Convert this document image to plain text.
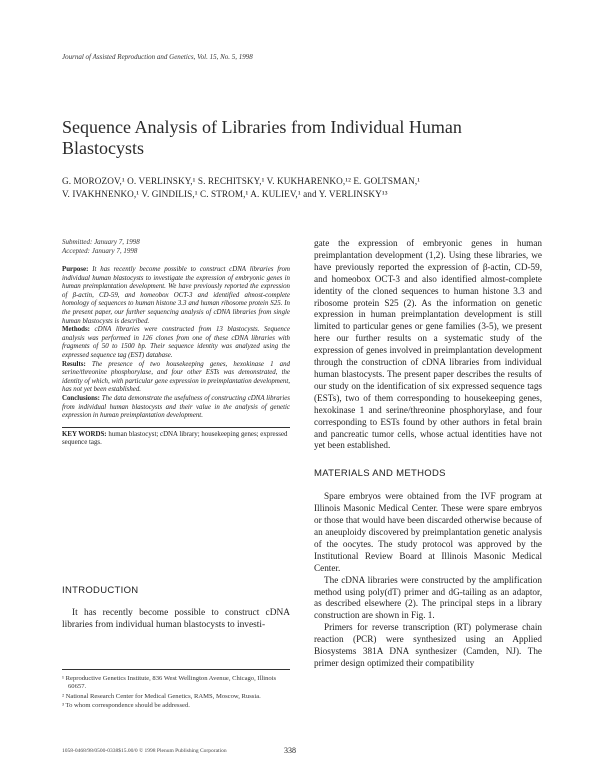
Journal of Assisted Reproduction and Genetics, Vol. 15, No. 5, 1998
Sequence Analysis of Libraries from Individual Human Blastocysts
G. MOROZOV,¹ O. VERLINSKY,¹ S. RECHITSKY,¹ V. KUKHARENKO,¹² E. GOLTSMAN,¹
V. IVAKHNENKO,¹ V. GINDILIS,¹ C. STROM,¹ A. KULIEV,¹ and Y. VERLINSKY¹³
Submitted: January 7, 1998
Accepted: January 7, 1998

Purpose: It has recently become possible to construct cDNA libraries from individual human blastocysts to investigate the expression of embryonic genes in human preimplantation development. We have previously reported the expression of β-actin, CD-59, and homeobox OCT-3 and identified almost-complete homology of sequences to human histone 3.3 and human ribosome protein S25. In the present paper, our further sequencing analysis of cDNA libraries from single human blastocysts is described.

Methods: cDNA libraries were constructed from 13 blastocysts. Sequence analysis was performed in 126 clones from one of these cDNA libraries with fragments of 50 to 1500 bp. Their sequence identity was analyzed using the expressed sequence tag (EST) database.

Results: The presence of two housekeeping genes, hexokinase 1 and serine/threonine phosphorylase, and four other ESTs was demonstrated, the identity of which, with particular gene expression in preimplantation development, has not yet been established.

Conclusions: The data demonstrate the usefulness of constructing cDNA libraries from individual human blastocysts and their value in the analysis of genetic expression in human preimplantation development.

KEY WORDS: human blastocyst; cDNA library; housekeeping genes; expressed sequence tags.
INTRODUCTION

It has recently become possible to construct cDNA libraries from individual human blastocysts to investi-

¹ Reproductive Genetics Institute, 836 West Wellington Avenue, Chicago, Illinois 60657.

² National Research Center for Medical Genetics, RAMS, Moscow, Russia.

³ To whom correspondence should be addressed.

gate the expression of embryonic genes in human preimplantation development (1,2). Using these libraries, we have previously reported the expression of β-actin, CD-59, and homeobox OCT-3 and also identified almost-complete identity of the cloned sequences to human histone 3.3 and ribosome protein S25 (2). As the information on genetic expression in human preimplantation development is still limited to particular genes or gene families (3-5), we present here our further results on a systematic study of the expression of genes involved in preimplantation development through the construction of cDNA libraries from individual human blastocysts. The present paper describes the results of our study on the identification of six expressed sequence tags (ESTs), two of them corresponding to housekeeping genes, hexokinase 1 and serine/threonine phosphorylase, and four corresponding to ESTs found by other authors in fetal brain and pancreatic tumor cells, whose actual identities have not yet been established.

MATERIALS AND METHODS

Spare embryos were obtained from the IVF program at Illinois Masonic Medical Center. These were spare embryos or those that would have been discarded otherwise because of an aneuploidy discovered by preimplantation genetic analysis of the oocytes. The study protocol was approved by the Institutional Review Board at Illinois Masonic Medical Center.

The cDNA libraries were constructed by the amplification method using poly(dT) primer and dG-tailing as an adaptor, as described elsewhere (2). The principal steps in a library construction are shown in Fig. 1.

Primers for reverse transcription (RT) polymerase chain reaction (PCR) were synthesized using an Applied Biosystems 381A DNA synthesizer (Camden, NJ). The primer design optimized their compatibility

1058-0468/98/0500-0338$15.00/0 © 1998 Plenum Publishing Corporation	338
